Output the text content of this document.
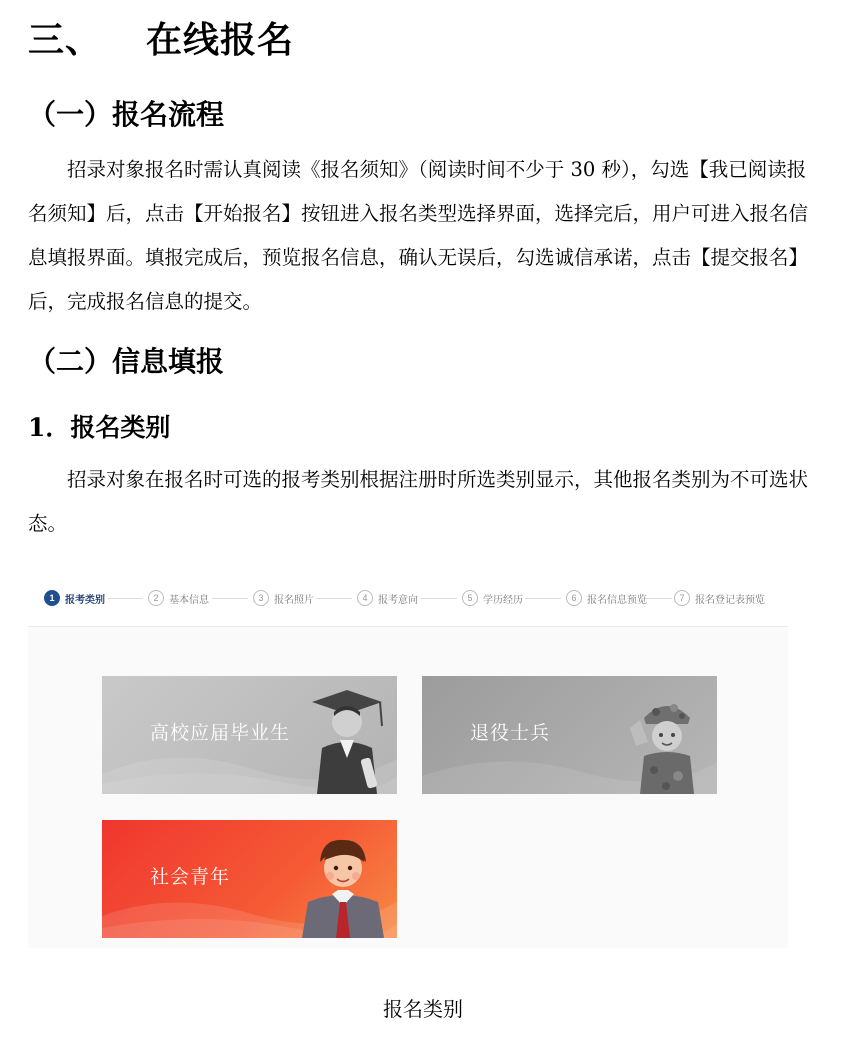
三、 在线报名
（一）报名流程

招录对象报名时需认真阅读《报名须知》（阅读时间不少于 30 秒），勾选【我已阅读报名须知】后，点击【开始报名】按钮进入报名类型选择界面，选择完后，用户可进入报名信息填报界面。填报完成后，预览报名信息，确认无误后，勾选诚信承诺，点击【提交报名】后，完成报名信息的提交。

（二）信息填报
1．报名类别

招录对象在报名时可选的报考类别根据注册时所选类别显示，其他报名类别为不可选状态。

1	报考类别	2	基本信息	3	报名照片	4	报考意向	5	学历经历	6	报名信息预览	7	报名登记表预览
高校应届毕业生	退役士兵
社会青年
报名类别
